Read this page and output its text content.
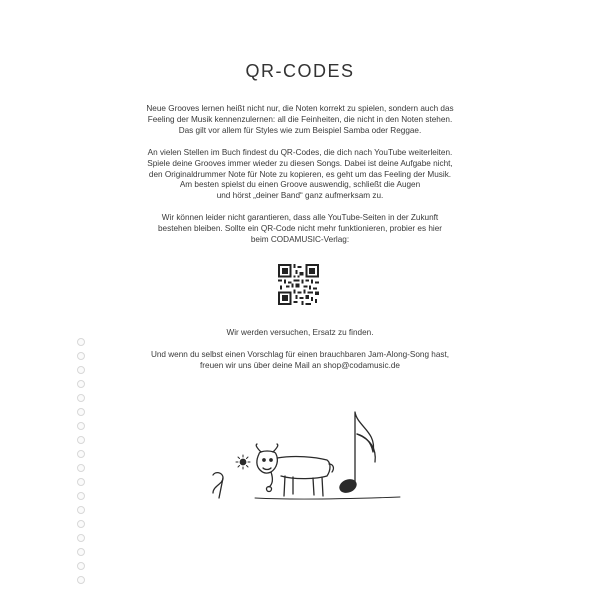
QR-CODES
Neue Grooves lernen heißt nicht nur, die Noten korrekt zu spielen, sondern auch das
Feeling der Musik kennenzulernen: all die Feinheiten, die nicht in den Noten stehen.
Das gilt vor allem für Styles wie zum Beispiel Samba oder Reggae.
An vielen Stellen im Buch findest du QR-Codes, die dich nach YouTube weiterleiten.
Spiele deine Grooves immer wieder zu diesen Songs. Dabei ist deine Aufgabe nicht,
den Originaldrummer Note für Note zu kopieren, es geht um das Feeling der Musik.
Am besten spielst du einen Groove auswendig, schließt die Augen
und hörst „deiner Band“ ganz aufmerksam zu.
Wir können leider nicht garantieren, dass alle YouTube-Seiten in der Zukunft
bestehen bleiben. Sollte ein QR-Code nicht mehr funktionieren, probier es hier
beim CODAMUSIC-Verlag:
Wir werden versuchen, Ersatz zu finden.
Und wenn du selbst einen Vorschlag für einen brauchbaren Jam-Along-Song hast,
freuen wir uns über deine Mail an shop@codamusic.de
